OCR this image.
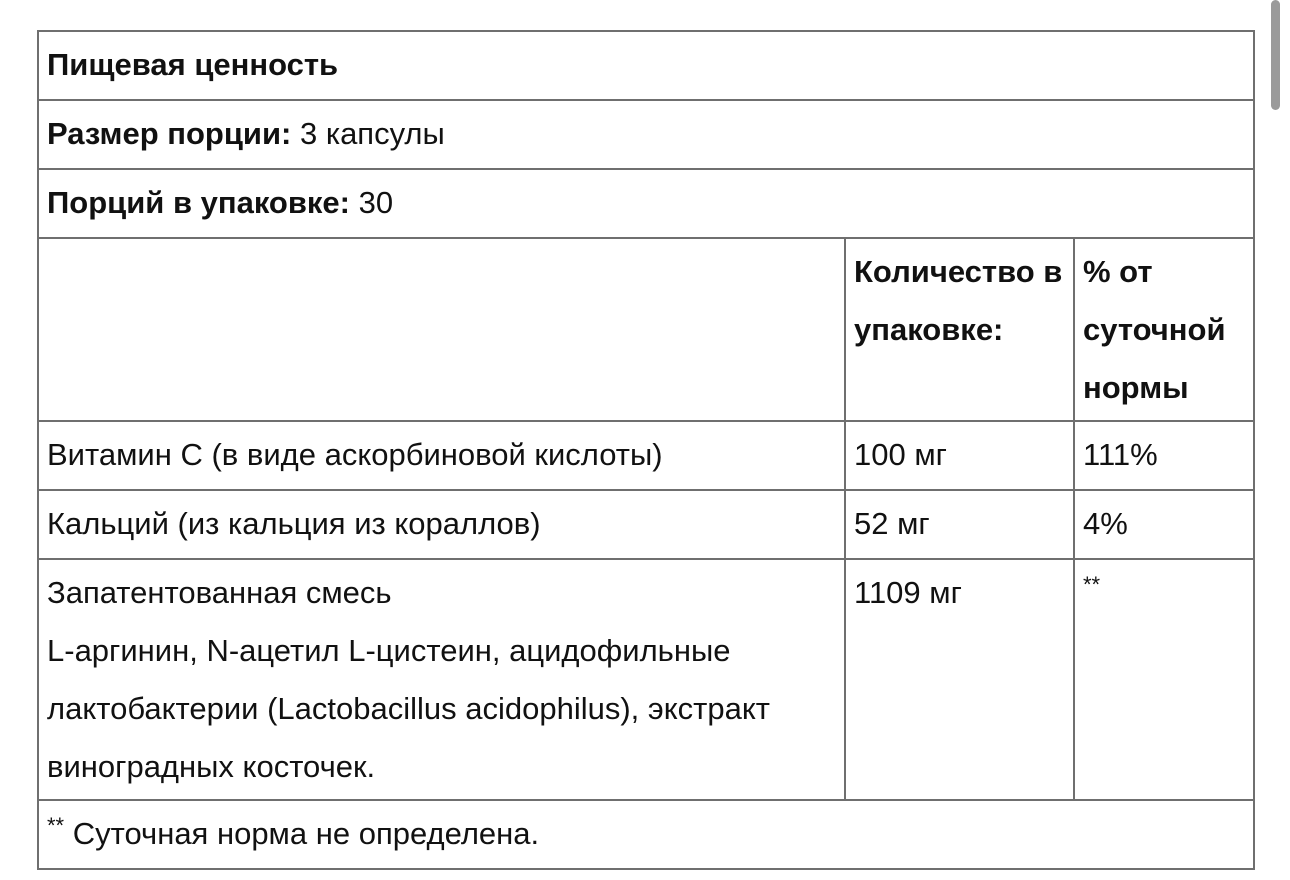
Пищевая ценность		
Размер порции: 3 капсулы		
Порций в упаковке: 30		
	Количество в упаковке:	% от суточной нормы
Витамин С (в виде аскорбиновой кислоты)	100 мг	111%
Кальций (из кальция из кораллов)	52 мг	4%

Запатентованная смесь
L-аргинин, N-ацетил L-цистеин, ацидофильные лактобактерии (Lactobacillus acidophilus), экстракт виноградных косточек.	1109 мг	**
** Суточная норма не определена.		
